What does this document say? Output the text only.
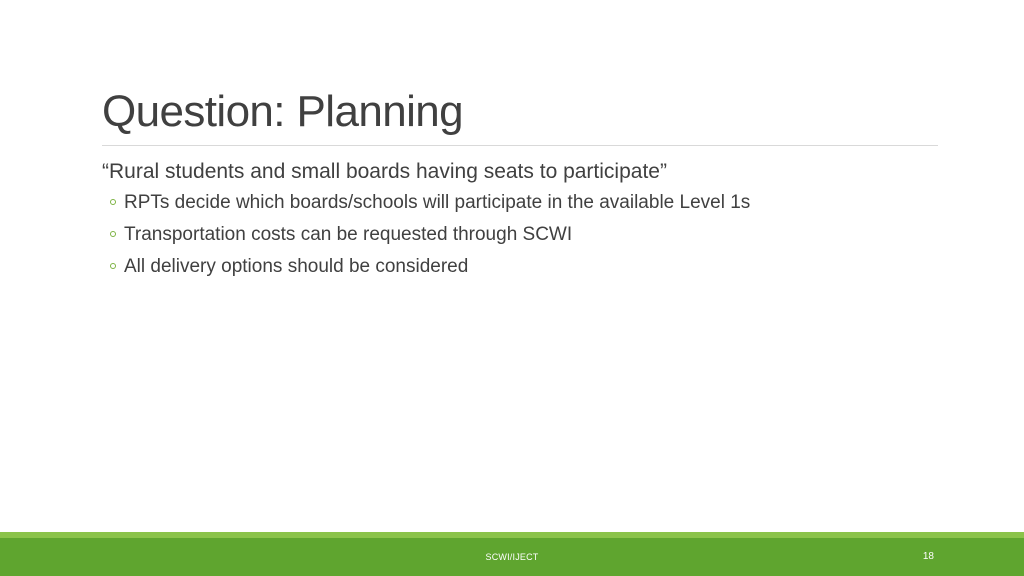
Question: Planning
“Rural students and small boards having seats to participate”
RPTs decide which boards/schools will participate in the available Level 1s
Transportation costs can be requested through SCWI
All delivery options should be considered
SCWI/IJECT	18
